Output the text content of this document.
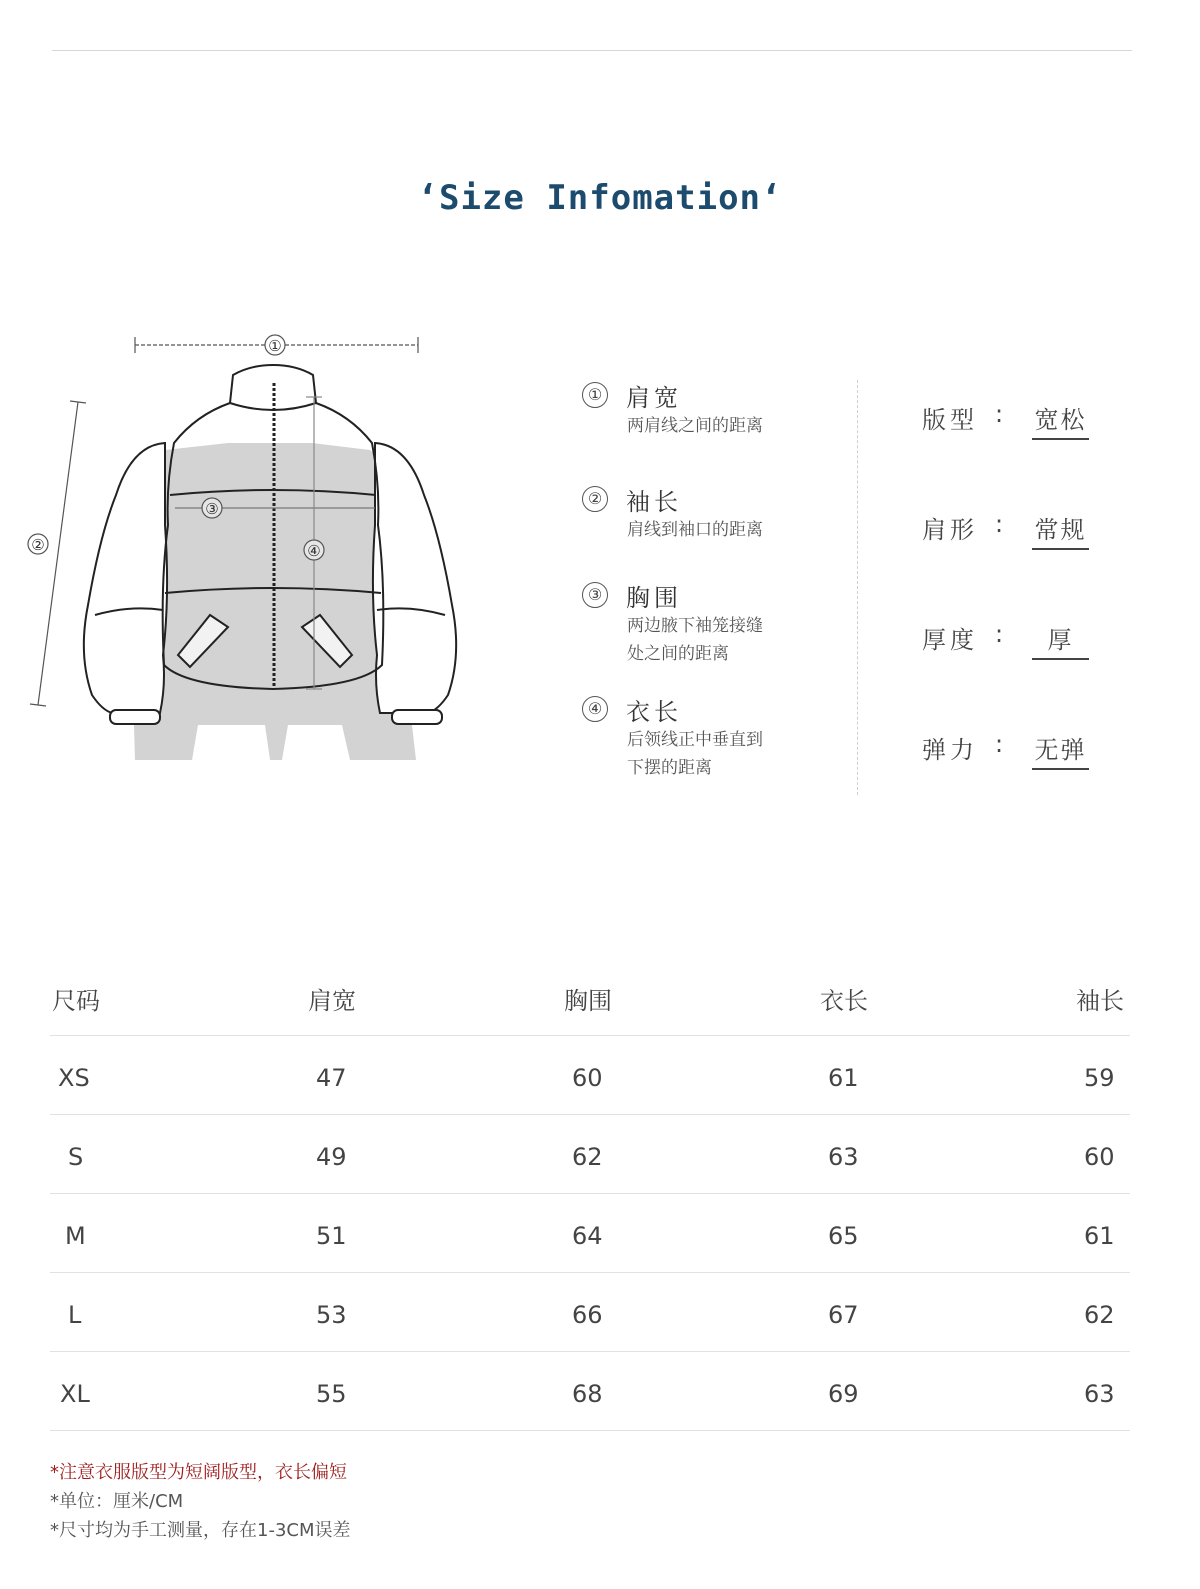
‘Size Infomation‘
①
②
③
④
① 肩宽
两肩线之间的距离
② 袖长
肩线到袖口的距离
③ 胸围
两边腋下袖笼接缝
处之间的距离
④ 衣长
后领线正中垂直到
下摆的距离
版型 : 宽松
肩形 : 常规
厚度 :	厚
弹力 : 无弹
尺码	肩宽	胸围	衣长	袖长
XS	47	60	61	59
S	49	62	63	60
M	51	64	65	61
L	53	66	67	62
XL	55	68	69	63
*注意衣服版型为短阔版型，衣长偏短
*单位：厘米/CM
*尺寸均为手工测量，存在1-3CM误差
